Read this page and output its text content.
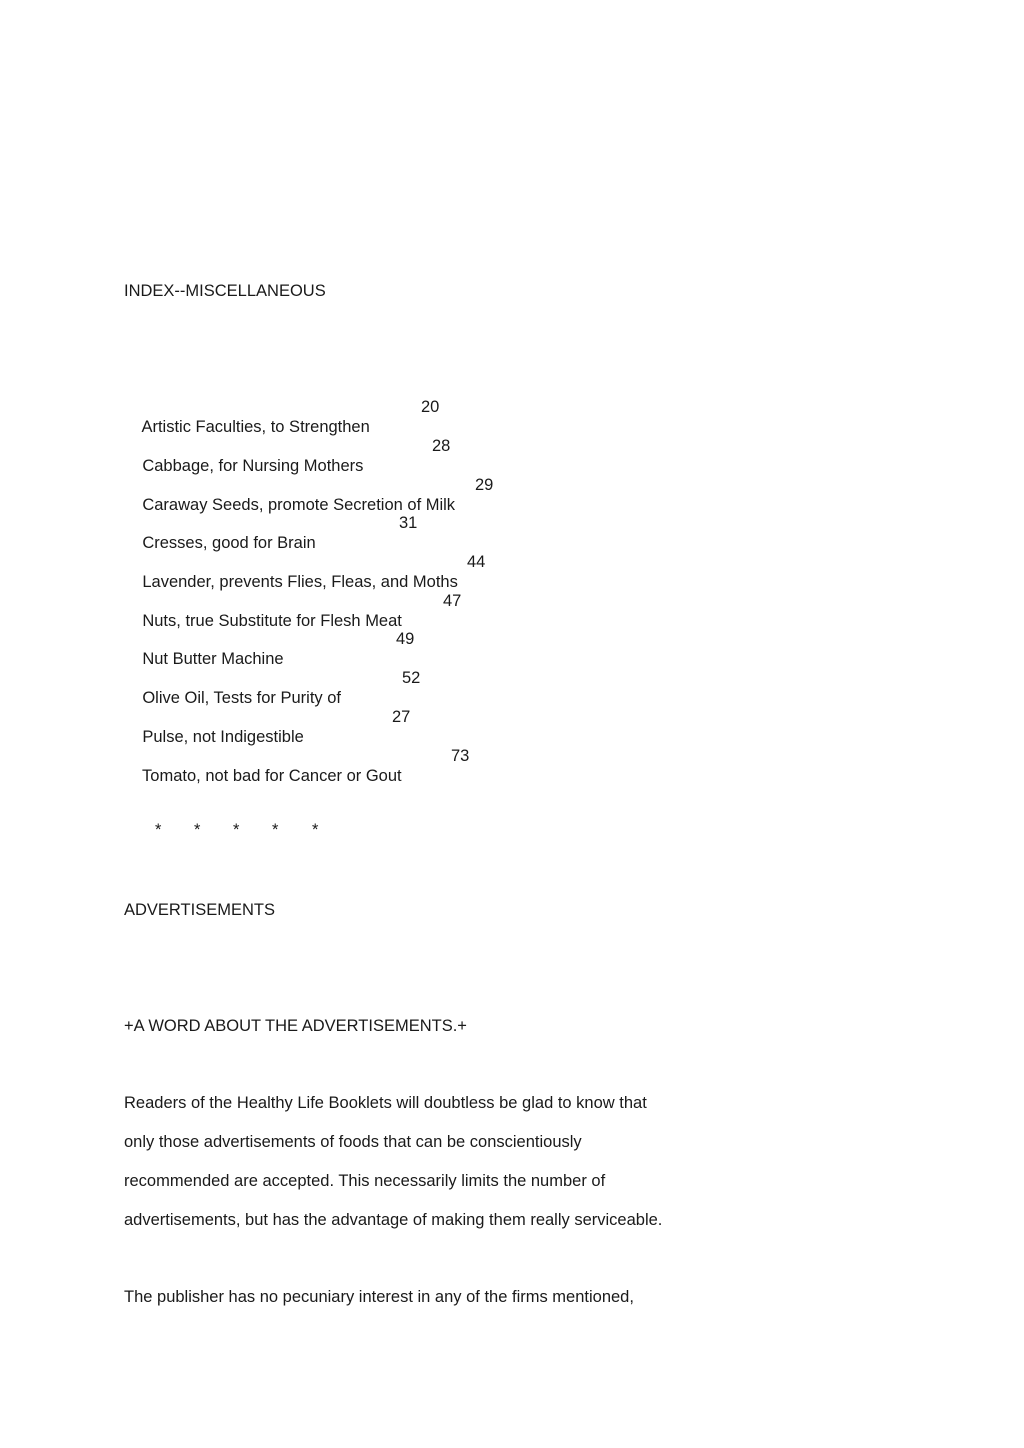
INDEX--MISCELLANEOUS

Artistic Faculties, to Strengthen

20

Cabbage, for Nursing Mothers

28

Caraway Seeds, promote Secretion of Milk

29

Cresses, good for Brain

31

Lavender, prevents Flies, Fleas, and Moths

44

Nuts, true Substitute for Flesh Meat

47

Nut Butter Machine

49

Olive Oil, Tests for Purity of

52

Pulse, not Indigestible

27

Tomato, not bad for Cancer or Gout

73

* * * * *
ADVERTISEMENTS
+A WORD ABOUT THE ADVERTISEMENTS.+
Readers of the Healthy Life Booklets will doubtless be glad to know that
only those advertisements of foods that can be conscientiously
recommended are accepted. This necessarily limits the number of
advertisements, but has the advantage of making them really serviceable.
The publisher has no pecuniary interest in any of the firms mentioned,
